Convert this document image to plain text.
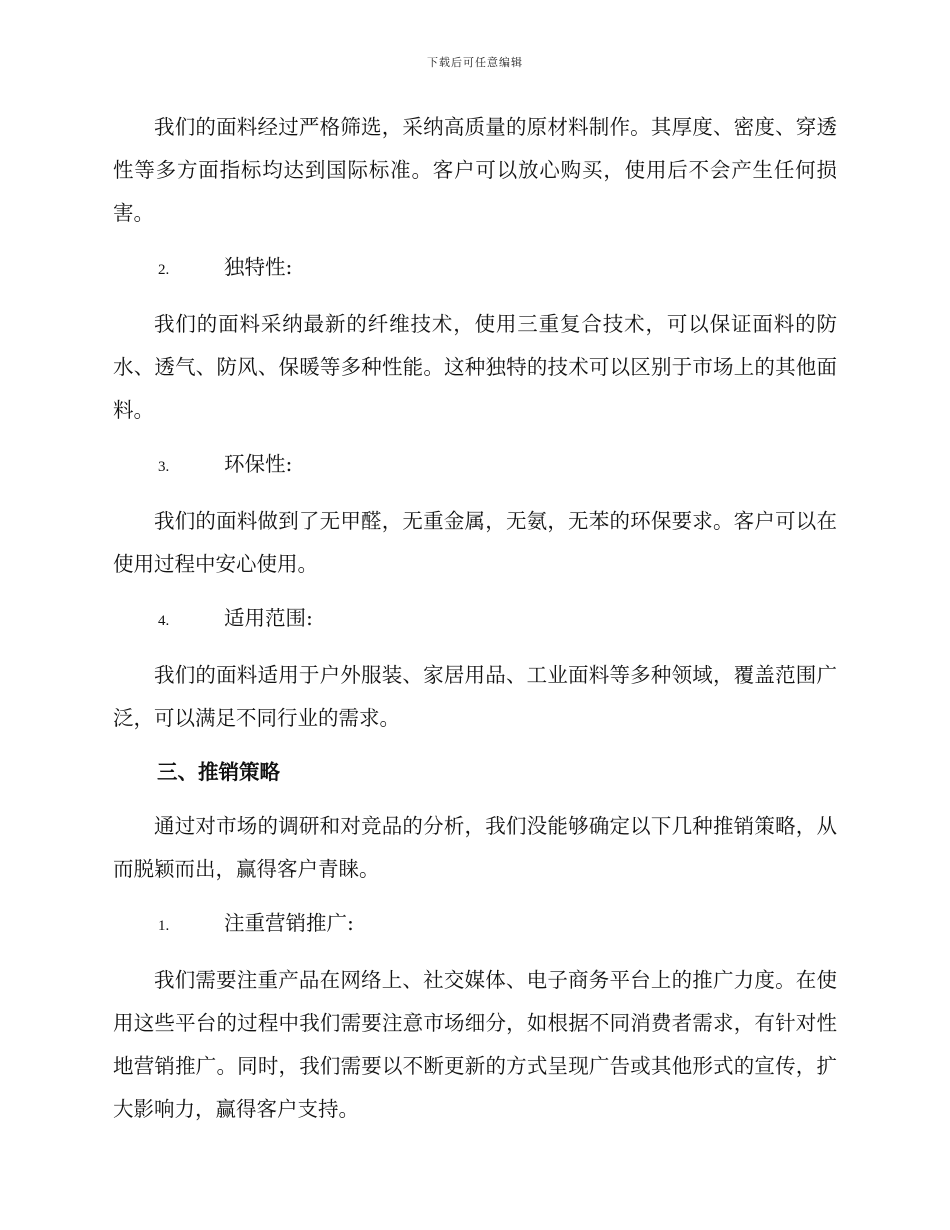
下载后可任意编辑

我们的面料经过严格筛选，采纳高质量的原材料制作。其厚度、密度、穿透性等多方面指标均达到国际标准。客户可以放心购买，使用后不会产生任何损害。

2.	独特性:

我们的面料采纳最新的纤维技术，使用三重复合技术，可以保证面料的防水、透气、防风、保暖等多种性能。这种独特的技术可以区别于市场上的其他面料。

3.	环保性:

我们的面料做到了无甲醛，无重金属，无氨，无苯的环保要求。客户可以在使用过程中安心使用。

4.	适用范围:

我们的面料适用于户外服装、家居用品、工业面料等多种领域，覆盖范围广泛，可以满足不同行业的需求。

三、推销策略

通过对市场的调研和对竞品的分析，我们没能够确定以下几种推销策略，从而脱颖而出，赢得客户青睐。

1.	注重营销推广:

我们需要注重产品在网络上、社交媒体、电子商务平台上的推广力度。在使用这些平台的过程中我们需要注意市场细分，如根据不同消费者需求，有针对性地营销推广。同时，我们需要以不断更新的方式呈现广告或其他形式的宣传，扩大影响力，赢得客户支持。
